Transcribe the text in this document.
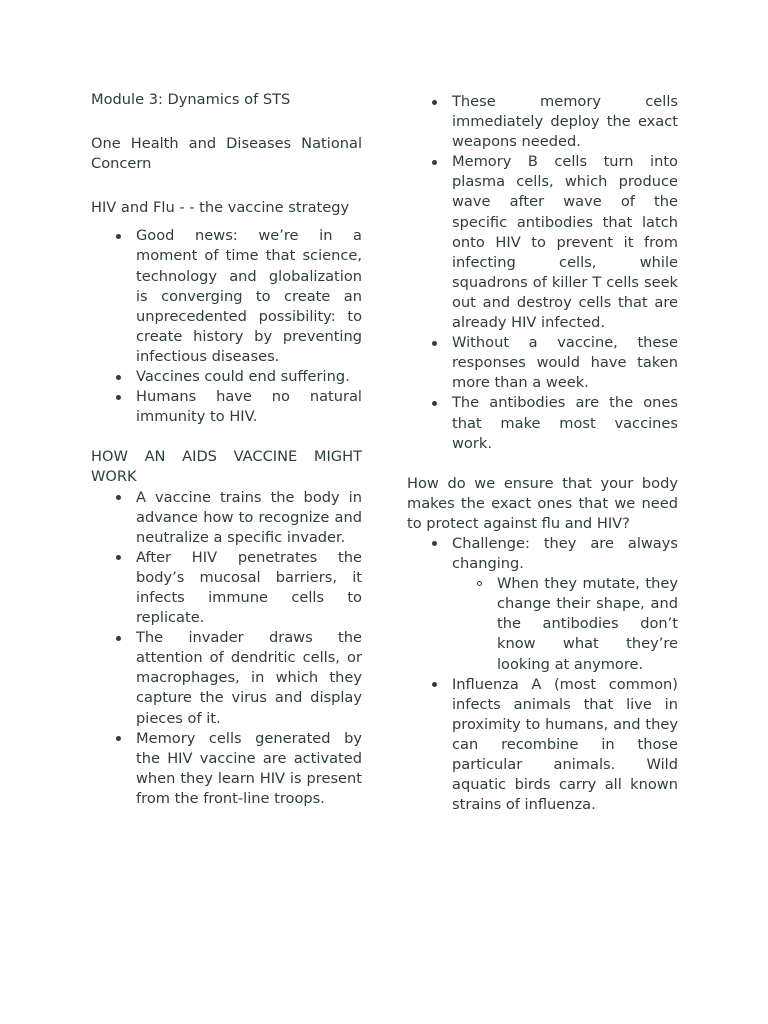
Module 3: Dynamics of STS

One Health and Diseases National Concern

HIV and Flu - - the vaccine strategy

Good news: we’re in a moment of time that science, technology and globalization is converging to create an unprecedented possibility: to create history by preventing infectious diseases.
Vaccines could end suffering.
Humans have no natural immunity to HIV.

HOW AN AIDS VACCINE MIGHT WORK

A vaccine trains the body in advance how to recognize and neutralize a specific invader.
After HIV penetrates the body’s mucosal barriers, it infects immune cells to replicate.
The invader draws the attention of dendritic cells, or macrophages, in which they capture the virus and display pieces of it.
Memory cells generated by the HIV vaccine are activated when they learn HIV is present from the front-line troops.
These memory cells immediately deploy the exact weapons needed.
Memory B cells turn into plasma cells, which produce wave after wave of the specific antibodies that latch onto HIV to prevent it from infecting cells, while squadrons of killer T cells seek out and destroy cells that are already HIV infected.
Without a vaccine, these responses would have taken more than a week.
The antibodies are the ones that make most vaccines work.

How do we ensure that your body makes the exact ones that we need to protect against flu and HIV?

Challenge: they are always changing.
When they mutate, they change their shape, and the antibodies don’t know what they’re looking at anymore.
Influenza A (most common) infects animals that live in proximity to humans, and they can recombine in those particular animals. Wild aquatic birds carry all known strains of influenza.
